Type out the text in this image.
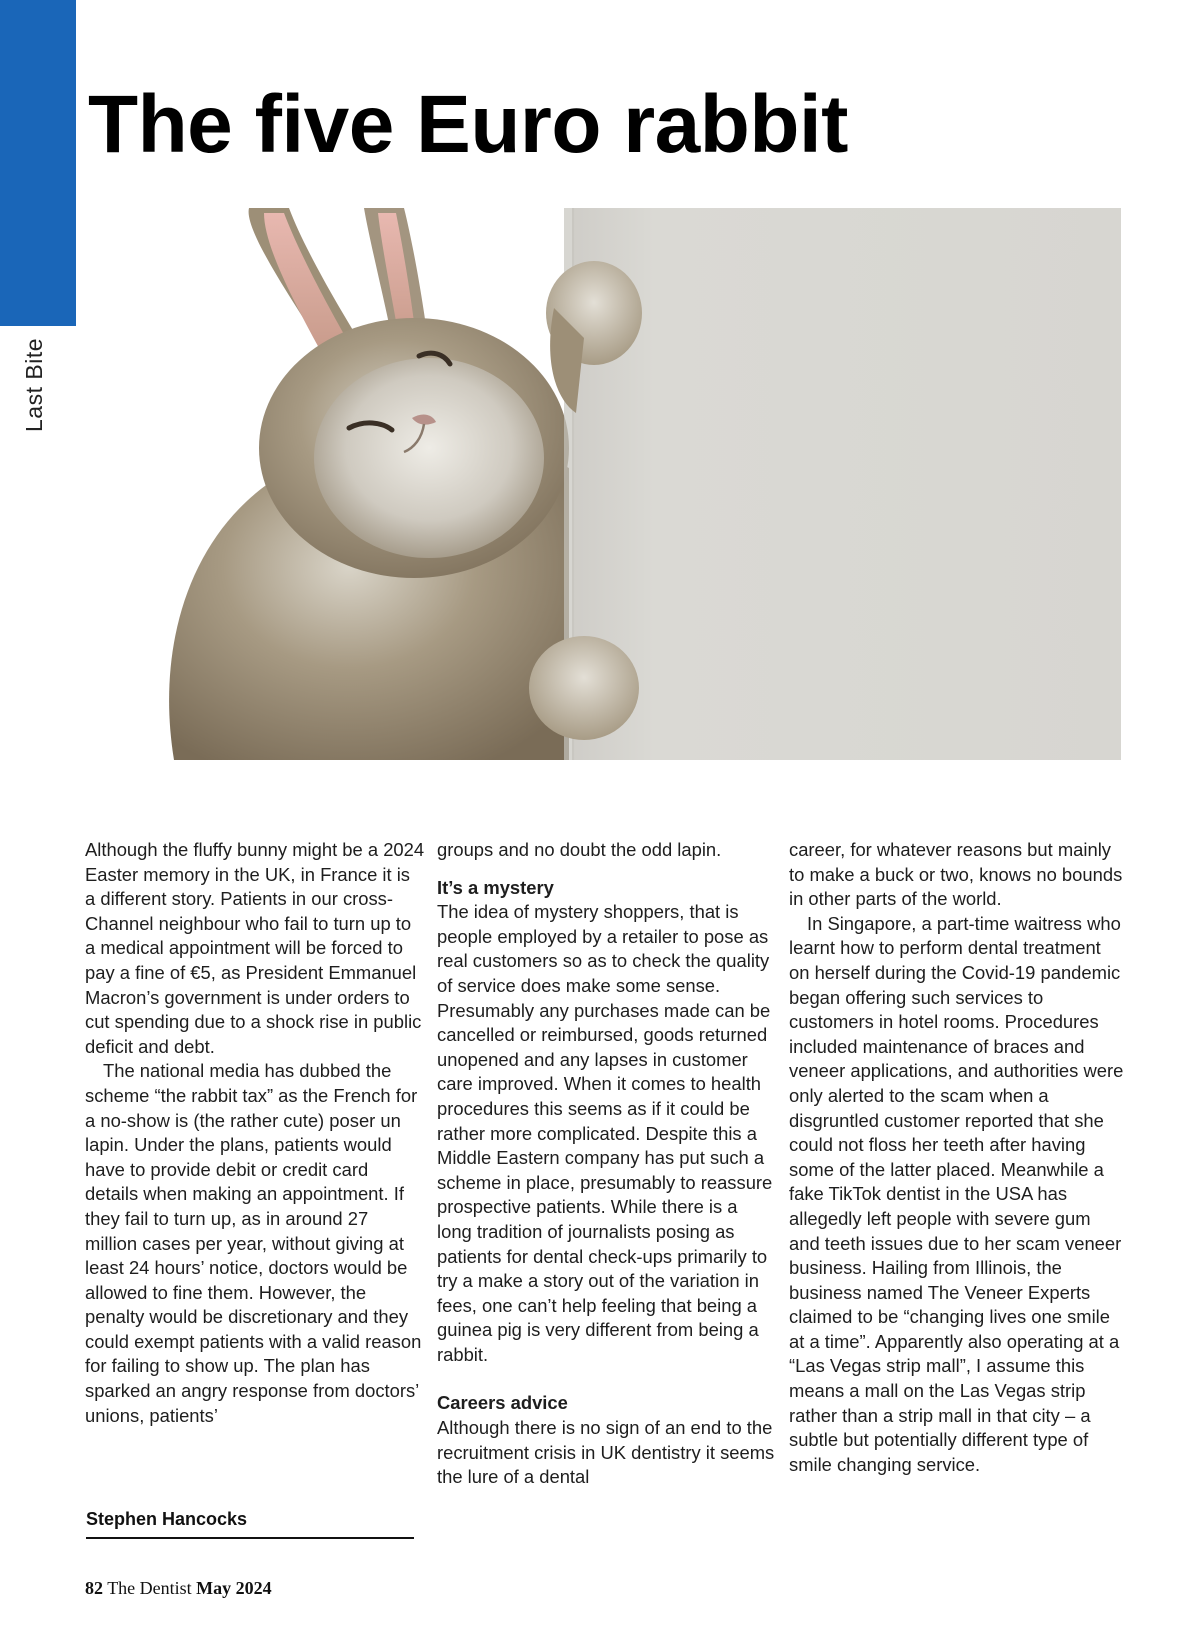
Last Bite
The five Euro rabbit

Although the fluffy bunny might be a 2024 Easter memory in the UK, in France it is a different story. Patients in our cross-Channel neighbour who fail to turn up to a medical appointment will be forced to pay a fine of €5, as President Emmanuel Macron’s government is under orders to cut spending due to a shock rise in public deficit and debt.

The national media has dubbed the scheme “the rabbit tax” as the French for a no-show is (the rather cute) poser un lapin. Under the plans, patients would have to provide debit or credit card details when making an appointment. If they fail to turn up, as in around 27 million cases per year, without giving at least 24 hours’ notice, doctors would be allowed to fine them. However, the penalty would be discretionary and they could exempt patients with a valid reason for failing to show up. The plan has sparked an angry response from doctors’ unions, patients’

groups and no doubt the odd lapin.

It’s a mystery

The idea of mystery shoppers, that is people employed by a retailer to pose as real customers so as to check the quality of service does make some sense. Presumably any purchases made can be cancelled or reimbursed, goods returned unopened and any lapses in customer care improved. When it comes to health procedures this seems as if it could be rather more complicated. Despite this a Middle Eastern company has put such a scheme in place, presumably to reassure prospective patients. While there is a long tradition of journalists posing as patients for dental check-ups primarily to try a make a story out of the variation in fees, one can’t help feeling that being a guinea pig is very different from being a rabbit.

Careers advice

Although there is no sign of an end to the recruitment crisis in UK dentistry it seems the lure of a dental

career, for whatever reasons but mainly to make a buck or two, knows no bounds in other parts of the world.

In Singapore, a part-time waitress who learnt how to perform dental treatment on herself during the Covid-19 pandemic began offering such services to customers in hotel rooms. Procedures included maintenance of braces and veneer applications, and authorities were only alerted to the scam when a disgruntled customer reported that she could not floss her teeth after having some of the latter placed. Meanwhile a fake TikTok dentist in the USA has allegedly left people with severe gum and teeth issues due to her scam veneer business. Hailing from Illinois, the business named The Veneer Experts claimed to be “changing lives one smile at a time”. Apparently also operating at a “Las Vegas strip mall”, I assume this means a mall on the Las Vegas strip rather than a strip mall in that city – a subtle but potentially different type of smile changing service.

Stephen Hancocks
82 The Dentist May 2024
